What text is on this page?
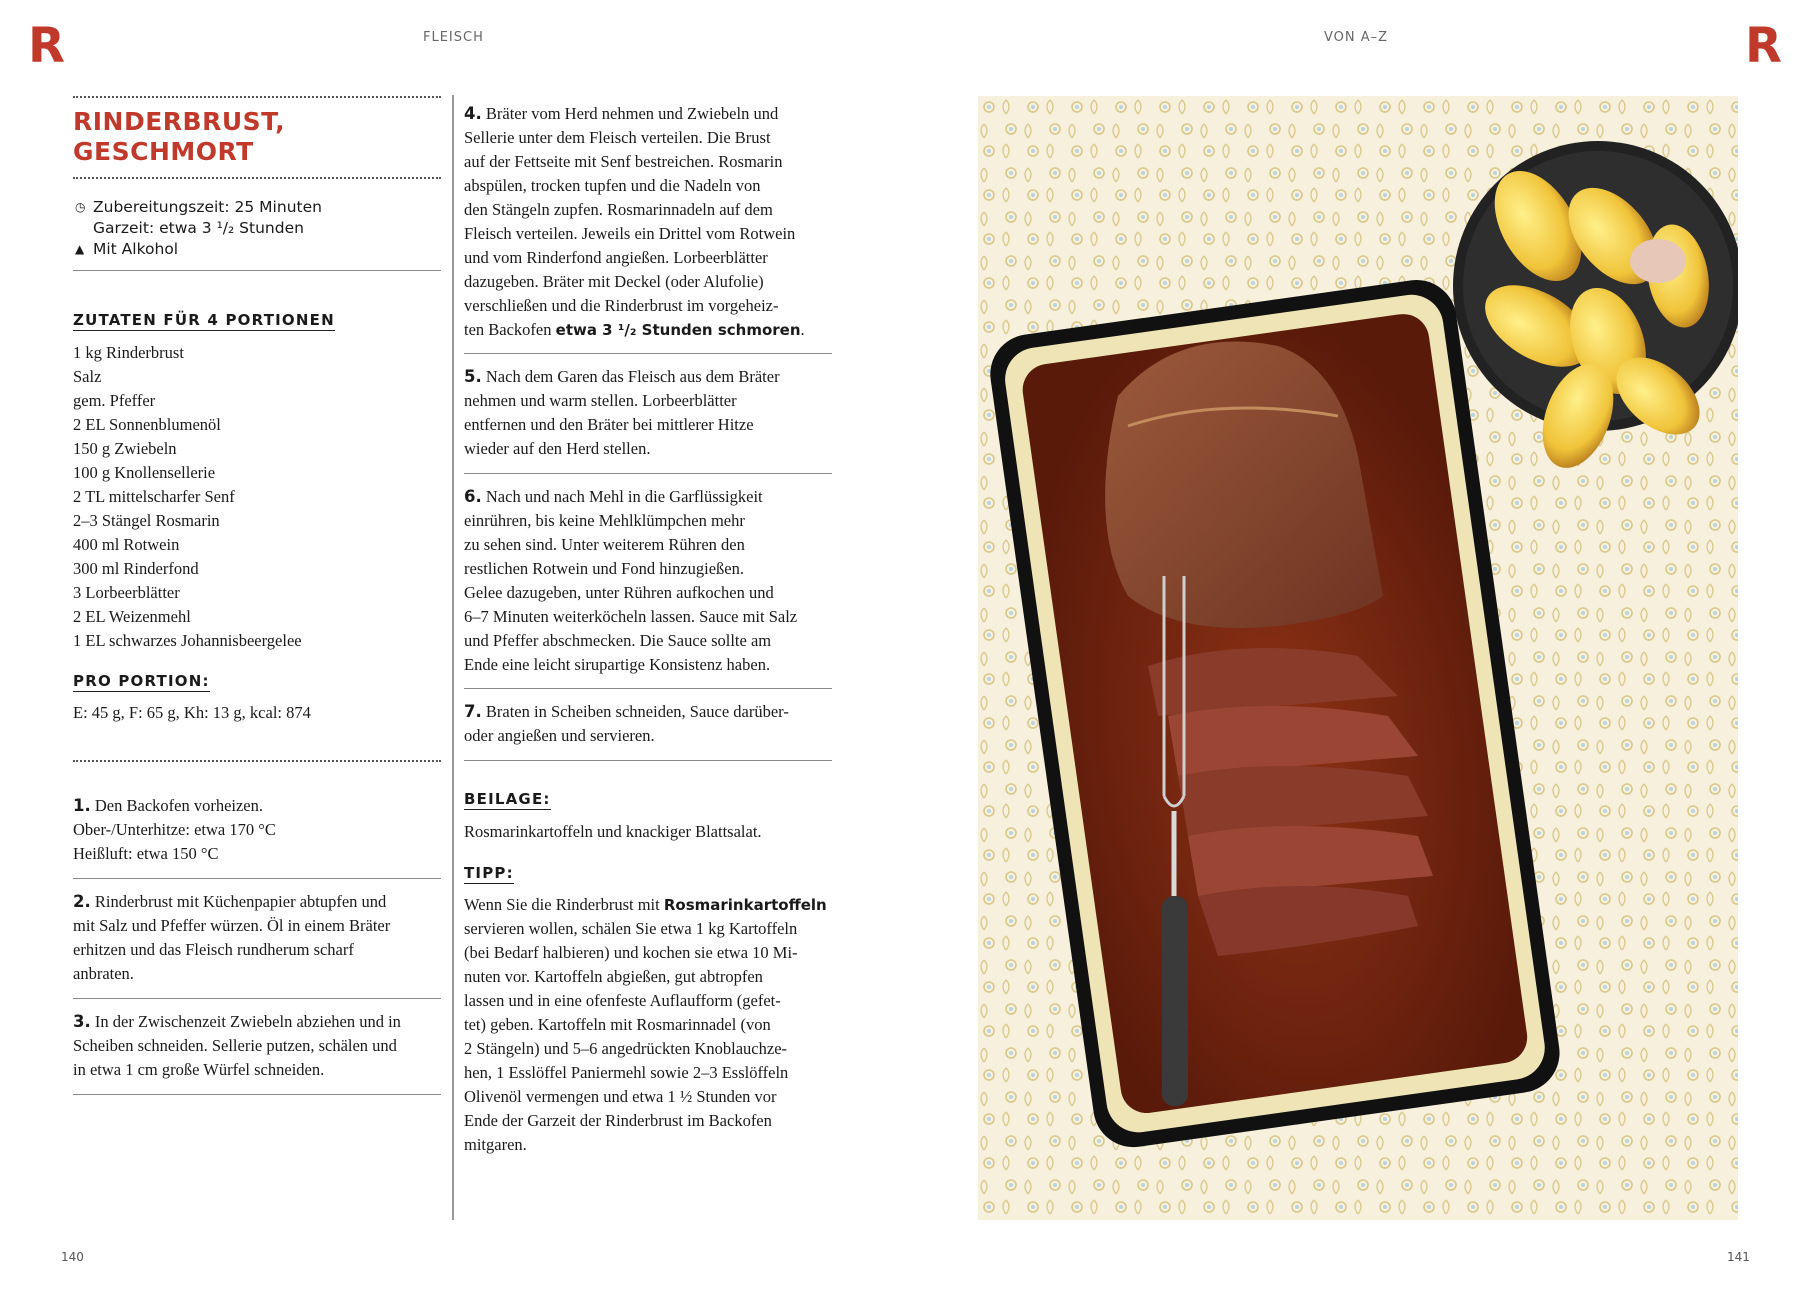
R	R
FLEISCH	VON A–Z
RINDERBRUST,
GESCHMORT
◷ Zubereitungszeit: 25 Minuten
Garzeit: etwa 3 ¹/₂ Stunden
▲ Mit Alkohol
ZUTATEN FÜR 4 PORTIONEN
1 kg Rinderbrust
Salz
gem. Pfeffer
2 EL Sonnenblumenöl
150 g Zwiebeln
100 g Knollensellerie
2 TL mittelscharfer Senf
2–3 Stängel Rosmarin
400 ml Rotwein
300 ml Rinderfond
3 Lorbeerblätter
2 EL Weizenmehl
1 EL schwarzes Johannisbeergelee
PRO PORTION:
E: 45 g, F: 65 g, Kh: 13 g, kcal: 874
1. Den Backofen vorheizen.
Ober-/Unterhitze: etwa 170 °C
Heißluft: etwa 150 °C
2. Rinderbrust mit Küchenpapier abtupfen und
mit Salz und Pfeffer würzen. Öl in einem Bräter
erhitzen und das Fleisch rundherum scharf
anbraten.
3. In der Zwischenzeit Zwiebeln abziehen und in
Scheiben schneiden. Sellerie putzen, schälen und
in etwa 1 cm große Würfel schneiden.
4. Bräter vom Herd nehmen und Zwiebeln und
Sellerie unter dem Fleisch verteilen. Die Brust
auf der Fettseite mit Senf bestreichen. Rosmarin
abspülen, trocken tupfen und die Nadeln von
den Stängeln zupfen. Rosmarinnadeln auf dem
Fleisch verteilen. Jeweils ein Drittel vom Rotwein
und vom Rinderfond angießen. Lorbeerblätter
dazugeben. Bräter mit Deckel (oder Alufolie)
verschließen und die Rinderbrust im vorgeheiz-
ten Backofen etwa 3 ¹/₂ Stunden schmoren.
5. Nach dem Garen das Fleisch aus dem Bräter
nehmen und warm stellen. Lorbeerblätter
entfernen und den Bräter bei mittlerer Hitze
wieder auf den Herd stellen.
6. Nach und nach Mehl in die Garflüssigkeit
einrühren, bis keine Mehlklümpchen mehr
zu sehen sind. Unter weiterem Rühren den
restlichen Rotwein und Fond hinzugießen.
Gelee dazugeben, unter Rühren aufkochen und
6–7 Minuten weiterköcheln lassen. Sauce mit Salz
und Pfeffer abschmecken. Die Sauce sollte am
Ende eine leicht sirupartige Konsistenz haben.
7. Braten in Scheiben schneiden, Sauce darüber-
oder angießen und servieren.
BEILAGE:
Rosmarinkartoffeln und knackiger Blattsalat.
TIPP:
Wenn Sie die Rinderbrust mit Rosmarinkartoffeln
servieren wollen, schälen Sie etwa 1 kg Kartoffeln
(bei Bedarf halbieren) und kochen sie etwa 10 Mi-
nuten vor. Kartoffeln abgießen, gut abtropfen
lassen und in eine ofenfeste Auflaufform (gefet-
tet) geben. Kartoffeln mit Rosmarinnadel (von
2 Stängeln) und 5–6 angedrückten Knoblauchze-
hen, 1 Esslöffel Paniermehl sowie 2–3 Esslöffeln
Olivenöl vermengen und etwa 1 ½ Stunden vor
Ende der Garzeit der Rinderbrust im Backofen
mitgaren.
140	141
